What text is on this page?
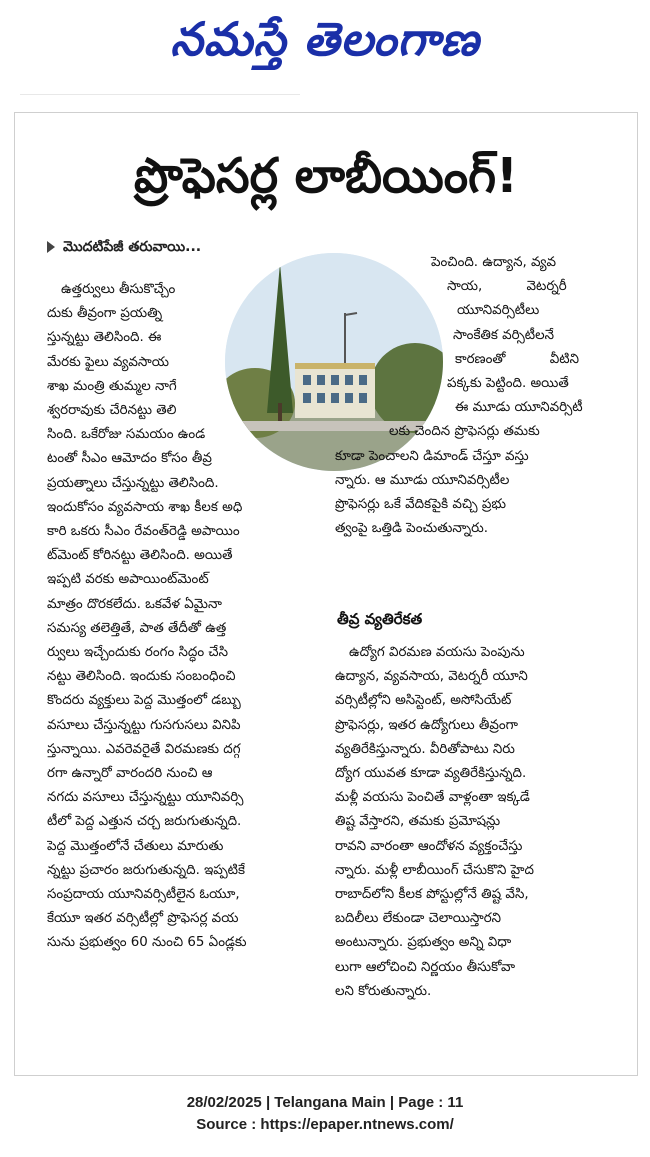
నమస్తే తెలంగాణ
ప్రొఫెసర్ల లాబీయింగ్!
మొదటిపేజీ తరువాయి...
పెంచింది. ఉద్యాన, వ్యవ
సాయ, వెటర్నరీ
యూనివర్సిటీలు
సాంకేతిక వర్సిటీలనే
కారణంతో వీటిని
పక్కకు పెట్టింది. అయితే
ఈ మూడు యూనివర్సిటీ
లకు చెందిన ప్రొఫెసర్లు తమకు
కూడా పెంచాలని డిమాండ్ చేస్తూ వస్తు
న్నారు. ఆ మూడు యూనివర్సిటీల
ప్రొఫెసర్లు ఒకే వేదికపైకి వచ్చి ప్రభు
త్వంపై ఒత్తిడి పెంచుతున్నారు.
తీవ్ర వ్యతిరేకత
ఉద్యోగ విరమణ వయసు పెంపును
ఉద్యాన, వ్యవసాయ, వెటర్నరీ యూని
వర్సిటీల్లోని అసిస్టెంట్, అసోసియేట్
ప్రొఫెసర్లు, ఇతర ఉద్యోగులు తీవ్రంగా
వ్యతిరేకిస్తున్నారు. వీరితోపాటు నిరు
ద్యోగ యువత కూడా వ్యతిరేకిస్తున్నది.
మళ్లీ వయసు పెంచితే వాళ్లంతా ఇక్కడే
తిష్ట వేస్తారని, తమకు ప్రమోషన్లు
రావని వారంతా ఆందోళన వ్యక్తంచేస్తు
న్నారు. మళ్లీ లాబీయింగ్ చేసుకొని హైద
రాబాద్‌లోని కీలక పోస్టుల్లోనే తిష్ట వేసి,
బదిలీలు లేకుండా చెలాయిస్తారని
అంటున్నారు. ప్రభుత్వం అన్ని విధా
లుగా ఆలోచించి నిర్ణయం తీసుకోవా
లని కోరుతున్నారు.
ఉత్తర్వులు తీసుకొచ్చేం
దుకు తీవ్రంగా ప్రయత్ని
స్తున్నట్టు తెలిసింది. ఈ
మేరకు ఫైలు వ్యవసాయ
శాఖ మంత్రి తుమ్మల నాగే
శ్వరరావుకు చేరినట్టు తెలి
సింది. ఒకేరోజు సమయం ఉండ
టంతో సీఎం ఆమోదం కోసం తీవ్ర
ప్రయత్నాలు చేస్తున్నట్టు తెలిసింది.
ఇందుకోసం వ్యవసాయ శాఖ కీలక అధి
కారి ఒకరు సీఎం రేవంత్‌రెడ్డి అపాయిం
ట్‌మెంట్ కోరినట్టు తెలిసింది. అయితే
ఇప్పటి వరకు అపాయింట్‌మెంట్
మాత్రం దొరకలేదు. ఒకవేళ ఏమైనా
సమస్య తలెత్తితే, పాత తేదీతో ఉత్త
ర్వులు ఇచ్చేందుకు రంగం సిద్ధం చేసి
నట్టు తెలిసింది. ఇందుకు సంబంధించి
కొందరు వ్యక్తులు పెద్ద మొత్తంలో డబ్బు
వసూలు చేస్తున్నట్టు గుసగుసలు వినిపి
స్తున్నాయి. ఎవరెవరైతే విరమణకు దగ్గ
రగా ఉన్నారో వారందరి నుంచి ఆ
నగదు వసూలు చేస్తున్నట్టు యూనివర్సి
టీలో పెద్ద ఎత్తున చర్చ జరుగుతున్నది.
పెద్ద మొత్తంలోనే చేతులు మారుతు
న్నట్టు ప్రచారం జరుగుతున్నది. ఇప్పటికే
సంప్రదాయ యూనివర్సిటీలైన ఓయూ,
కేయూ ఇతర వర్సిటీల్లో ప్రొఫెసర్ల వయ
సును ప్రభుత్వం 60 నుంచి 65 ఏండ్లకు
28/02/2025 | Telangana Main | Page : 11
Source : https://epaper.ntnews.com/
